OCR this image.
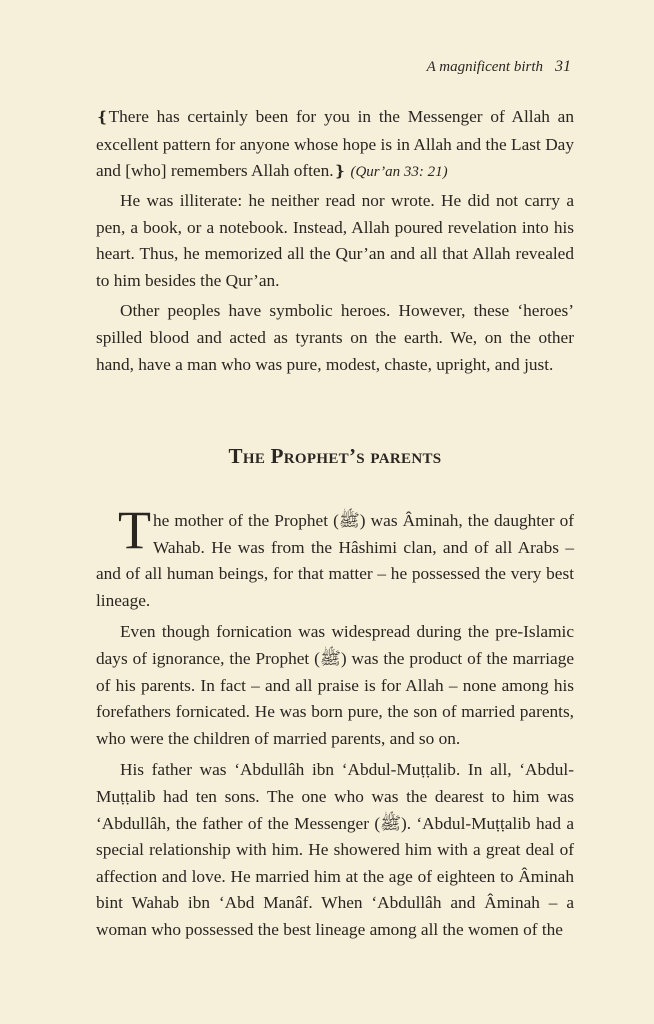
A magnificent birth 31

❴There has certainly been for you in the Messenger of Allah an excellent pattern for anyone whose hope is in Allah and the Last Day and [who] remembers Allah often.❵ (Qur’an 33: 21)

He was illiterate: he neither read nor wrote. He did not carry a pen, a book, or a notebook. Instead, Allah poured revelation into his heart. Thus, he memorized all the Qur’an and all that Allah revealed to him besides the Qur’an.

Other peoples have symbolic heroes. However, these ‘heroes’ spilled blood and acted as tyrants on the earth. We, on the other hand, have a man who was pure, modest, chaste, upright, and just.

The Prophet’s parents

The mother of the Prophet (ﷺ) was Âminah, the daughter of Wahab. He was from the Hâshimi clan, and of all Arabs – and of all human beings, for that matter – he possessed the very best lineage.

Even though fornication was widespread during the pre-Islamic days of ignorance, the Prophet (ﷺ) was the product of the marriage of his parents. In fact – and all praise is for Allah – none among his forefathers fornicated. He was born pure, the son of married parents, who were the children of married parents, and so on.

His father was ‘Abdullâh ibn ‘Abdul-Muṭṭalib. In all, ‘Abdul-Muṭṭalib had ten sons. The one who was the dearest to him was ‘Abdullâh, the father of the Messenger (ﷺ). ‘Abdul-Muṭṭalib had a special relationship with him. He showered him with a great deal of affection and love. He married him at the age of eighteen to Âminah bint Wahab ibn ‘Abd Manâf. When ‘Abdullâh and Âminah – a woman who possessed the best lineage among all the women of the
